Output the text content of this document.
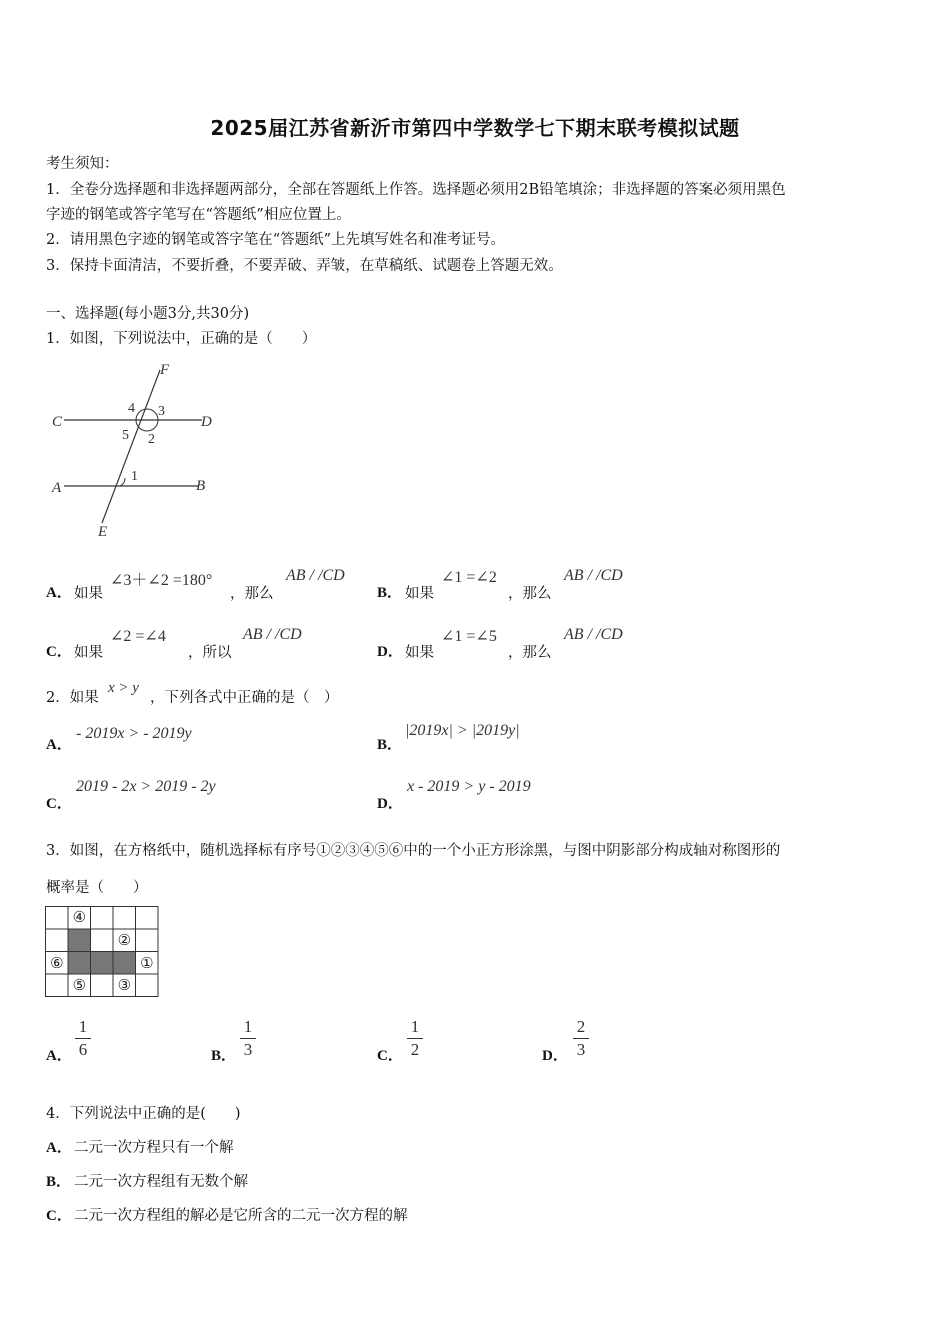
2025届江苏省新沂市第四中学数学七下期末联考模拟试题
考生须知：
1．全卷分选择题和非选择题两部分，全部在答题纸上作答。选择题必须用2B铅笔填涂；非选择题的答案必须用黑色
字迹的钢笔或答字笔写在“答题纸”相应位置上。
2．请用黑色字迹的钢笔或答字笔在“答题纸”上先填写姓名和准考证号。
3．保持卡面清洁，不要折叠，不要弄破、弄皱，在草稿纸、试题卷上答题无效。
一、选择题(每小题3分,共30分)
1．如图，下列说法中，正确的是（　　）
F
C	D
A	B
E
1
2
3
4
5
A． 如果
∠3＋∠2 =180°
，那么
AB / /CD
B． 如果
∠1 =∠2
，那么
AB / /CD
C． 如果
∠2 =∠4
，所以
AB / /CD
D． 如果
∠1 =∠5
，那么
AB / /CD
2．如果
x > y
，下列各式中正确的是（　）
A．
- 2019x > - 2019y
B．
|2019x| > |2019y|
C．
2019 - 2x > 2019 - 2y
D．
x - 2019 > y - 2019
3．如图，在方格纸中，随机选择标有序号①②③④⑤⑥中的一个小正方形涂黑，与图中阴影部分构成轴对称图形的
概率是（　　）
④
②
⑥	①
⑤ ③
A．
1
6	B．
1
3	C．
1
2	D．
2
3
4．下列说法中正确的是(　　)
A． 二元一次方程只有一个解
B． 二元一次方程组有无数个解
C． 二元一次方程组的解必是它所含的二元一次方程的解
